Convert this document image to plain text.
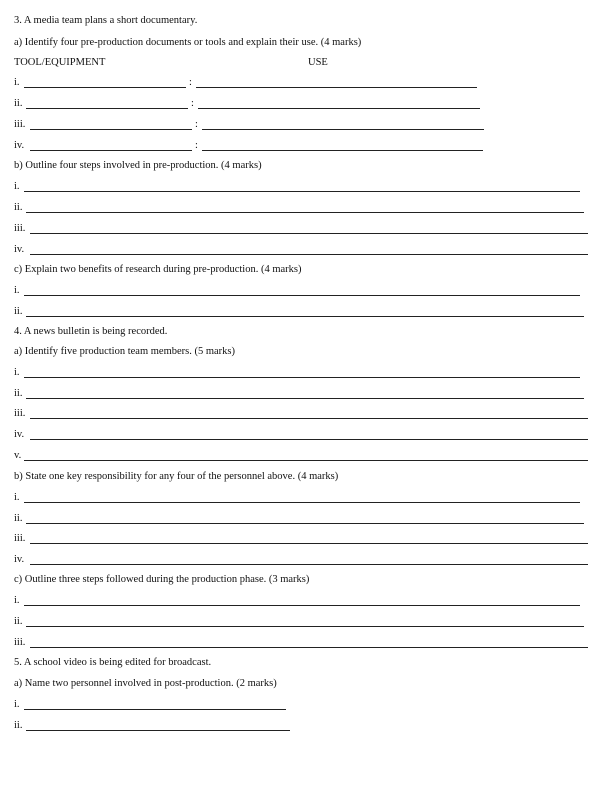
3. A media team plans a short documentary.
a) Identify four pre-production documents or tools and explain their use. (4 marks)
TOOL/EQUIPMENT	USE
i.	:
ii.	:
iii.	:
iv.	:
b) Outline four steps involved in pre-production. (4 marks)
i.
ii.
iii.
iv.
c) Explain two benefits of research during pre-production. (4 marks)
i.
ii.
4. A news bulletin is being recorded.
a) Identify five production team members. (5 marks)
i.
ii.
iii.
iv.
v.
b) State one key responsibility for any four of the personnel above. (4 marks)
i.
ii.
iii.
iv.
c) Outline three steps followed during the production phase. (3 marks)
i.
ii.
iii.
5. A school video is being edited for broadcast.
a) Name two personnel involved in post-production. (2 marks)
i.
ii.
